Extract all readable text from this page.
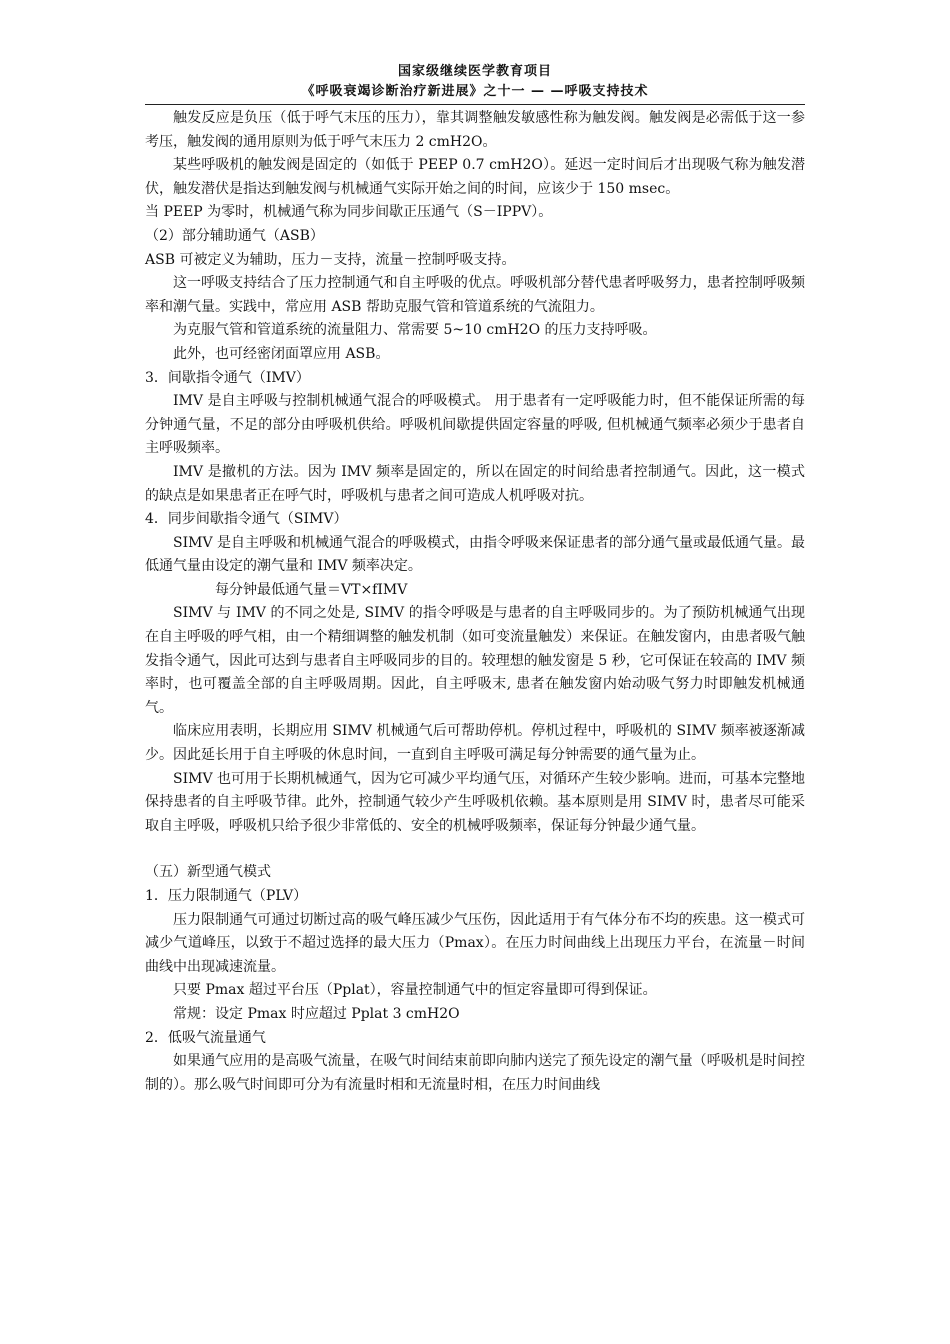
国家级继续医学教育项目
《呼吸衰竭诊断治疗新进展》之十一 — —呼吸支持技术

触发反应是负压（低于呼气末压的压力），靠其调整触发敏感性称为触发阀。触发阀是必需低于这一参考压，触发阀的通用原则为低于呼气末压力 2 cmH2O。

某些呼吸机的触发阀是固定的（如低于 PEEP 0.7 cmH2O）。延迟一定时间后才出现吸气称为触发潜伏，触发潜伏是指达到触发阀与机械通气实际开始之间的时间，应该少于 150 msec。

当 PEEP 为零时，机械通气称为同步间歇正压通气（S－IPPV）。

（2）部分辅助通气（ASB）

ASB 可被定义为辅助，压力－支持，流量－控制呼吸支持。

这一呼吸支持结合了压力控制通气和自主呼吸的优点。呼吸机部分替代患者呼吸努力，患者控制呼吸频率和潮气量。实践中，常应用 ASB 帮助克服气管和管道系统的气流阻力。

为克服气管和管道系统的流量阻力、常需要 5~10 cmH2O 的压力支持呼吸。

此外，也可经密闭面罩应用 ASB。

3．间歇指令通气（IMV）

IMV 是自主呼吸与控制机械通气混合的呼吸模式。 用于患者有一定呼吸能力时，但不能保证所需的每分钟通气量，不足的部分由呼吸机供给。呼吸机间歇提供固定容量的呼吸, 但机械通气频率必须少于患者自主呼吸频率。

IMV 是撤机的方法。因为 IMV 频率是固定的，所以在固定的时间给患者控制通气。因此，这一模式的缺点是如果患者正在呼气时，呼吸机与患者之间可造成人机呼吸对抗。

4．同步间歇指令通气（SIMV）

SIMV 是自主呼吸和机械通气混合的呼吸模式，由指令呼吸来保证患者的部分通气量或最低通气量。最低通气量由设定的潮气量和 IMV 频率决定。

每分钟最低通气量＝VT×fIMV

SIMV 与 IMV 的不同之处是, SIMV 的指令呼吸是与患者的自主呼吸同步的。为了预防机械通气出现在自主呼吸的呼气相，由一个精细调整的触发机制（如可变流量触发）来保证。在触发窗内，由患者吸气触发指令通气，因此可达到与患者自主呼吸同步的目的。较理想的触发窗是 5 秒，它可保证在较高的 IMV 频率时，也可覆盖全部的自主呼吸周期。因此，自主呼吸末, 患者在触发窗内始动吸气努力时即触发机械通气。

临床应用表明，长期应用 SIMV 机械通气后可帮助停机。停机过程中，呼吸机的 SIMV 频率被逐渐减少。因此延长用于自主呼吸的休息时间，一直到自主呼吸可满足每分钟需要的通气量为止。

SIMV 也可用于长期机械通气，因为它可减少平均通气压，对循环产生较少影响。进而，可基本完整地保持患者的自主呼吸节律。此外，控制通气较少产生呼吸机依赖。基本原则是用 SIMV 时，患者尽可能采取自主呼吸，呼吸机只给予很少非常低的、安全的机械呼吸频率，保证每分钟最少通气量。

（五）新型通气模式

1．压力限制通气（PLV）

压力限制通气可通过切断过高的吸气峰压减少气压伤，因此适用于有气体分布不均的疾患。这一模式可减少气道峰压，以致于不超过选择的最大压力（Pmax）。在压力时间曲线上出现压力平台，在流量－时间曲线中出现减速流量。

只要 Pmax 超过平台压（Pplat），容量控制通气中的恒定容量即可得到保证。

常规：设定 Pmax 时应超过 Pplat 3 cmH2O

2．低吸气流量通气

如果通气应用的是高吸气流量，在吸气时间结束前即向肺内送完了预先设定的潮气量（呼吸机是时间控制的）。那么吸气时间即可分为有流量时相和无流量时相，在压力时间曲线
